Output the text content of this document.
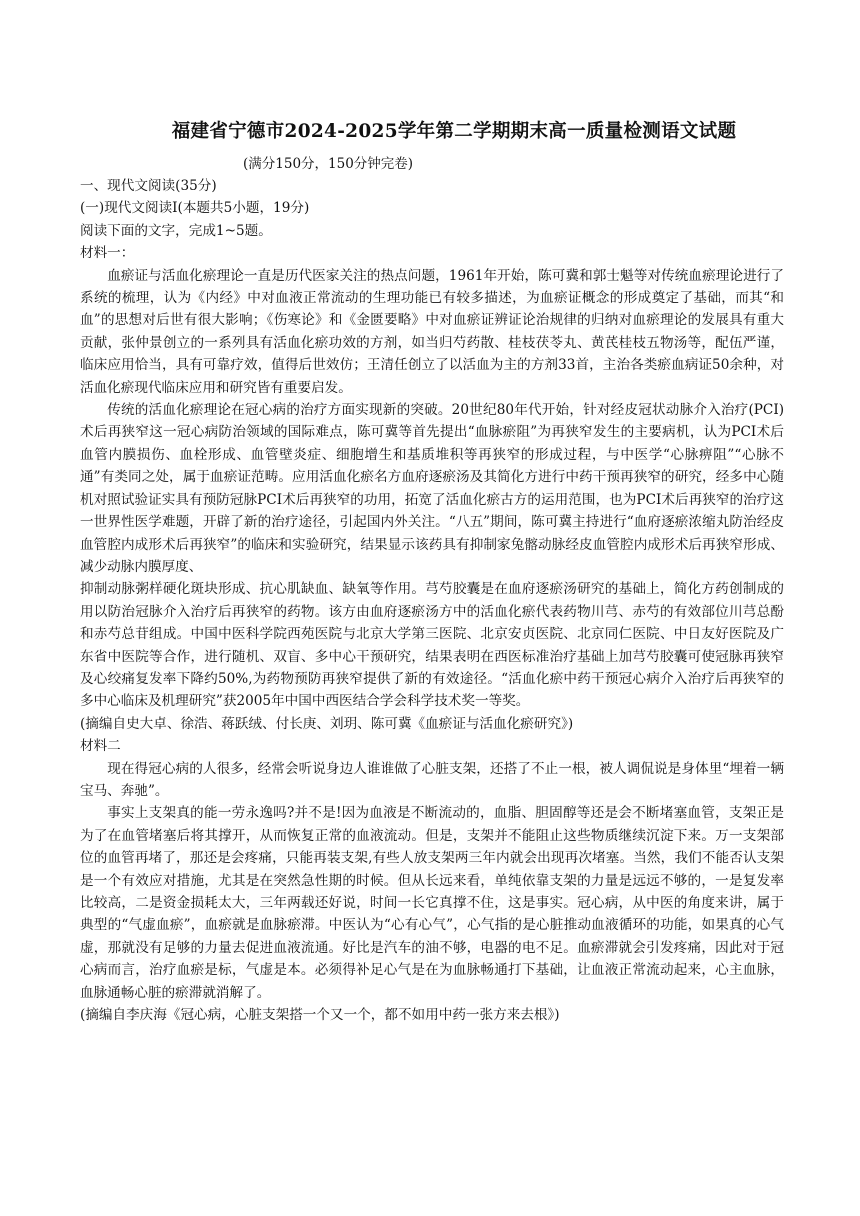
福建省宁德市2024-2025学年第二学期期末高一质量检测语文试题
(满分150分，150分钟完卷)

一、现代文阅读(35分)

(一)现代文阅读Ⅰ(本题共5小题，19分)

阅读下面的文字，完成1~5题。

材料一：

血瘀证与活血化瘀理论一直是历代医家关注的热点问题，1961年开始，陈可冀和郭士魁等对传统血瘀理论进行了系统的梳理，认为《内经》中对血液正常流动的生理功能已有较多描述，为血瘀证概念的形成奠定了基础，而其“和血”的思想对后世有很大影响；《伤寒论》和《金匮要略》中对血瘀证辨证论治规律的归纳对血瘀理论的发展具有重大贡献，张仲景创立的一系列具有活血化瘀功效的方剂，如当归芍药散、桂枝茯苓丸、黄芪桂枝五物汤等，配伍严谨，临床应用恰当，具有可靠疗效，值得后世效仿；王清任创立了以活血为主的方剂33首，主治各类瘀血病证50余种，对活血化瘀现代临床应用和研究皆有重要启发。

传统的活血化瘀理论在冠心病的治疗方面实现新的突破。20世纪80年代开始，针对经皮冠状动脉介入治疗(PCI)术后再狭窄这一冠心病防治领域的国际难点，陈可冀等首先提出“血脉瘀阻”为再狭窄发生的主要病机，认为PCI术后血管内膜损伤、血栓形成、血管壁炎症、细胞增生和基质堆积等再狭窄的形成过程，与中医学“心脉痹阻”“心脉不通”有类同之处，属于血瘀证范畴。应用活血化瘀名方血府逐瘀汤及其简化方进行中药干预再狭窄的研究，经多中心随机对照试验证实具有预防冠脉PCI术后再狭窄的功用，拓宽了活血化瘀古方的运用范围，也为PCI术后再狭窄的治疗这一世界性医学难题，开辟了新的治疗途径，引起国内外关注。“八五”期间，陈可冀主持进行“血府逐瘀浓缩丸防治经皮血管腔内成形术后再狭窄”的临床和实验研究，结果显示该药具有抑制家兔髂动脉经皮血管腔内成形术后再狭窄形成、减少动脉内膜厚度、

抑制动脉粥样硬化斑块形成、抗心肌缺血、缺氧等作用。芎芍胶囊是在血府逐瘀汤研究的基础上，简化方药创制成的用以防治冠脉介入治疗后再狭窄的药物。该方由血府逐瘀汤方中的活血化瘀代表药物川芎、赤芍的有效部位川芎总酚和赤芍总苷组成。中国中医科学院西苑医院与北京大学第三医院、北京安贞医院、北京同仁医院、中日友好医院及广东省中医院等合作，进行随机、双盲、多中心干预研究，结果表明在西医标准治疗基础上加芎芍胶囊可使冠脉再狭窄及心绞痛复发率下降约50%,为药物预防再狭窄提供了新的有效途径。“活血化瘀中药干预冠心病介入治疗后再狭窄的多中心临床及机理研究”获2005年中国中西医结合学会科学技术奖一等奖。

(摘编自史大卓、徐浩、蒋跃绒、付长庚、刘玥、陈可冀《血瘀证与活血化瘀研究》)

材料二

现在得冠心病的人很多，经常会听说身边人谁谁做了心脏支架，还搭了不止一根，被人调侃说是身体里“埋着一辆宝马、奔驰”。

事实上支架真的能一劳永逸吗?并不是!因为血液是不断流动的，血脂、胆固醇等还是会不断堵塞血管，支架正是为了在血管堵塞后将其撑开，从而恢复正常的血液流动。但是，支架并不能阻止这些物质继续沉淀下来。万一支架部位的血管再堵了，那还是会疼痛，只能再装支架,有些人放支架两三年内就会出现再次堵塞。当然，我们不能否认支架是一个有效应对措施，尤其是在突然急性期的时候。但从长远来看，单纯依靠支架的力量是远远不够的，一是复发率比较高，二是资金损耗太大，三年两载还好说，时间一长它真撑不住，这是事实。冠心病，从中医的角度来讲，属于典型的“气虚血瘀”，血瘀就是血脉瘀滞。中医认为“心有心气”，心气指的是心脏推动血液循环的功能，如果真的心气虚，那就没有足够的力量去促进血液流通。好比是汽车的油不够，电器的电不足。血瘀滞就会引发疼痛，因此对于冠心病而言，治疗血瘀是标，气虚是本。必须得补足心气是在为血脉畅通打下基础，让血液正常流动起来，心主血脉，血脉通畅心脏的瘀滞就消解了。

(摘编自李庆海《冠心病，心脏支架搭一个又一个，都不如用中药一张方来去根》)
